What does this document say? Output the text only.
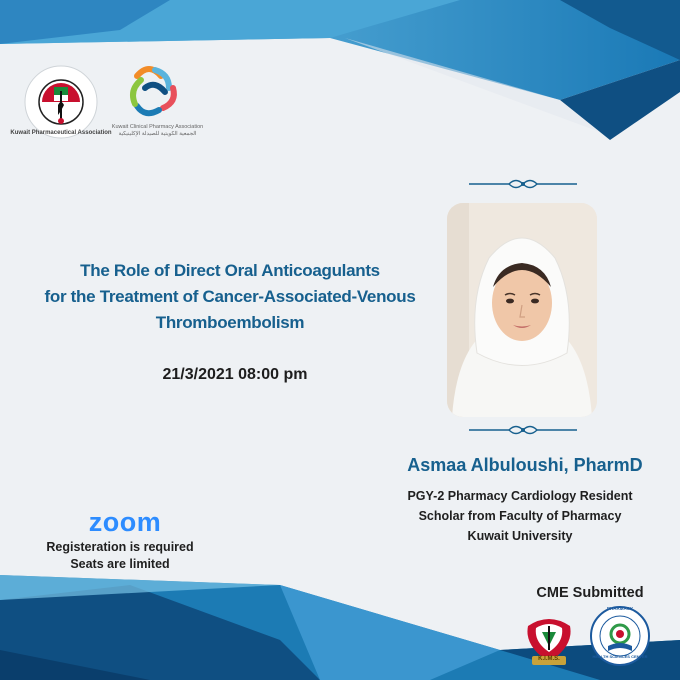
Kuwait Pharmaceutical Association
Kuwait Clinical Pharmacy Association
الجمعية الكويتية للصيدلة الإكلينيكية
The Role of Direct Oral Anticoagulants
for the Treatment of Cancer-Associated-Venous
Thromboembolism
21/3/2021 08:00 pm
Asmaa Albuloushi, PharmD
PGY-2 Pharmacy Cardiology Resident
Scholar from Faculty of Pharmacy
Kuwait University
zoom
Registeration is required
Seats are limited
CME Submitted
K.I.M.S.
PHARMACY
HEALTH SCIENCES CENTER
